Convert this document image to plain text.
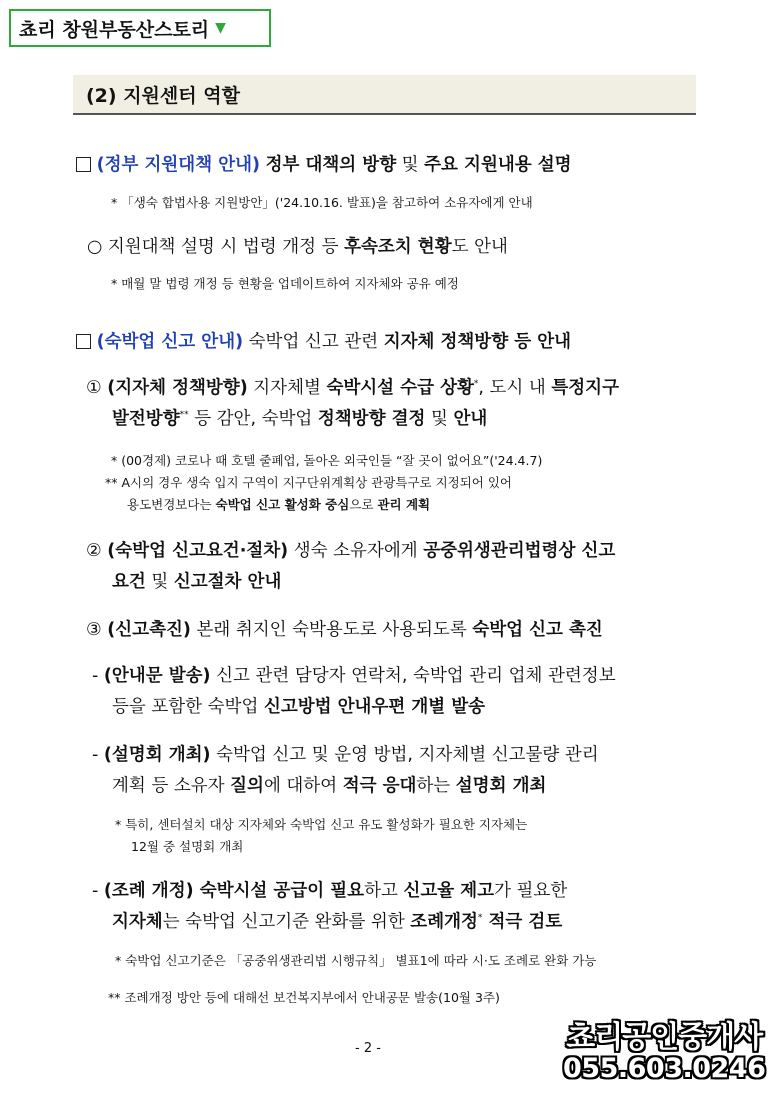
쵸리 창원부동산스토리 ▼
(2) 지원센터 역할
(정부 지원대책 안내) 정부 대책의 방향 및 주요 지원내용 설명
* 「생숙 합법사용 지원방안」('24.10.16. 발표)을 참고하여 소유자에게 안내
○ 지원대책 설명 시 법령 개정 등 후속조치 현황도 안내
* 매월 말 법령 개정 등 현황을 업데이트하여 지자체와 공유 예정
(숙박업 신고 안내) 숙박업 신고 관련 지자체 정책방향 등 안내
① (지자체 정책방향) 지자체별 숙박시설 수급 상황*, 도시 내 특정지구
발전방향** 등 감안, 숙박업 정책방향 결정 및 안내
* (00경제) 코로나 때 호텔 줄폐업, 돌아온 외국인들 “잘 곳이 없어요”('24.4.7)
** A시의 경우 생숙 입지 구역이 지구단위계획상 관광특구로 지정되어 있어
용도변경보다는 숙박업 신고 활성화 중심으로 관리 계획
② (숙박업 신고요건·절차) 생숙 소유자에게 공중위생관리법령상 신고
요건 및 신고절차 안내
③ (신고촉진) 본래 취지인 숙박용도로 사용되도록 숙박업 신고 촉진
- (안내문 발송) 신고 관련 담당자 연락처, 숙박업 관리 업체 관련정보
등을 포함한 숙박업 신고방법 안내우편 개별 발송
- (설명회 개최) 숙박업 신고 및 운영 방법, 지자체별 신고물량 관리
계획 등 소유자 질의에 대하여 적극 응대하는 설명회 개최
* 특히, 센터설치 대상 지자체와 숙박업 신고 유도 활성화가 필요한 지자체는
12월 중 설명회 개최
- (조례 개정) 숙박시설 공급이 필요하고 신고율 제고가 필요한
지자체는 숙박업 신고기준 완화를 위한 조례개정* 적극 검토
* 숙박업 신고기준은 「공중위생관리법 시행규칙」 별표1에 따라 시·도 조례로 완화 가능
** 조례개정 방안 등에 대해선 보건복지부에서 안내공문 발송(10월 3주)
- 2 -	쵸리공인중개사
055.603.0246
